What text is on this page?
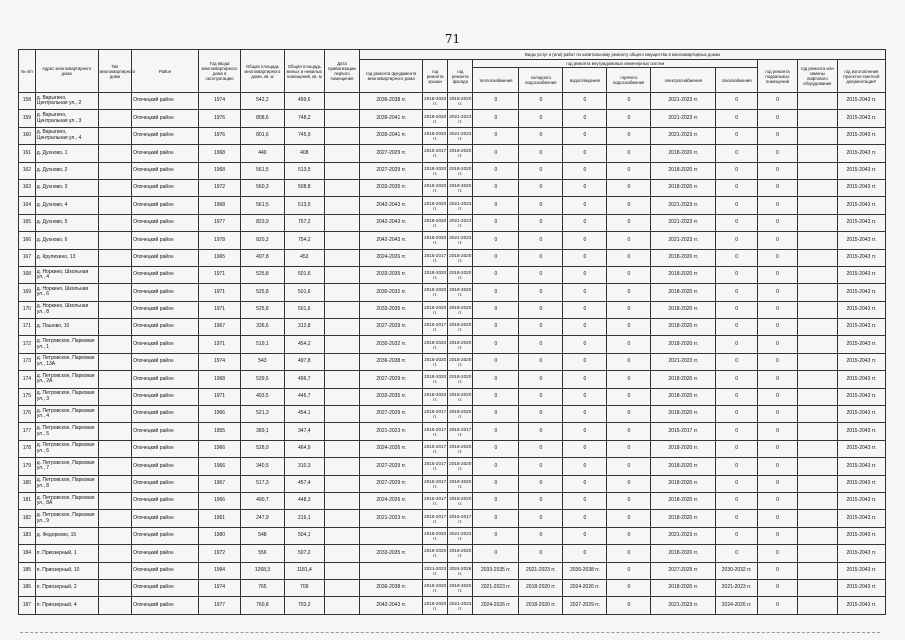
71
№ п/п	Адрес многоквартирного дома	Тип многоквартирного дома	Район	Год ввода многоквартирного дома в эксплуатацию	Общая площадь многоквартирного дома, кв. м	Общая площадь жилых и нежилых помещений, кв. м	Дата приватизации первого помещения	Виды услуг и (или) работ по капитальному ремонту общего имущества в многоквартирных домах											
								год ремонта фундамента многоквартирного дома	год ремонта крыши	год ремонта фасада	год ремонта внутридомовых инженерных систем						год ремонта подвальных помещений	год ремонта или замены лифтового оборудования	год изготовления проектно-сметной документации*
											теплоснабжения	холодного водоснабжения	водоотведения	горячего водоснабжения	электроснабжения	газоснабжения			
158	д. Варыгино, Центральная ул., 2		Опочецкий район	1974	542,2	499,6		2036-2038 гг.	2018-2020 гг.	2018-2020 гг.	0	0	0	0	2021-2023 гг.	0	0		2015-2043 гг.
159	д. Варыгино, Центральная ул., 3		Опочецкий район	1976	808,6	748,2		2039-2041 гг.	2018-2020 гг.	2021-2023 гг.	0	0	0	0	2021-2023 гг.	0	0		2015-2043 гг.
160	д. Варыгино, Центральная ул., 4		Опочецкий район	1976	801,6	745,9		2039-2041 гг.	2018-2020 гг.	2021-2023 гг.	0	0	0	0	2021-2023 гг.	0	0		2015-2043 гг.
161	д. Духново, 1		Опочецкий район	1968	440	408		2027-2029 гг.	2015-2017 гг.	2018-2020 гг.	0	0	0	0	2018-2020 гг.	0	0		2015-2043 гг.
162	д. Духново, 2		Опочецкий район	1968	561,5	513,5		2027-2029 гг.	2018-2020 гг.	2018-2020 гг.	0	0	0	0	2018-2020 гг.	0	0		2015-2043 гг.
163	д. Духново, 3		Опочецкий район	1972	560,3	508,8		2033-2035 гг.	2018-2020 гг.	2018-2020 гг.	0	0	0	0	2018-2020 гг.	0	0		2015-2043 гг.
164	д. Духново, 4		Опочецкий район	1968	561,5	513,5		2042-2043 гг.	2018-2020 гг.	2021-2023 гг.	0	0	0	0	2021-2023 гг.	0	0		2015-2043 гг.
165	д. Духново, 5		Опочецкий район	1977	823,9	757,2		2042-2043 гг.	2018-2020 гг.	2021-2023 гг.	0	0	0	0	2021-2023 гг.	0	0		2015-2043 гг.
166	д. Духново, 6		Опочецкий район	1978	820,2	754,2		2042-2043 гг.	2018-2020 гг.	2021-2023 гг.	0	0	0	0	2021-2023 гг.	0	0		2015-2043 гг.
167	д. Крулихино, 13		Опочецкий район	1965	497,8	453		2024-2026 гг.	2015-2017 гг.	2018-2020 гг.	0	0	0	0	2018-2020 гг.	0	0		2015-2043 гг.
168	д. Норкино, Школьная ул., 4		Опочецкий район	1971	525,8	501,6		2033-2035 гг.	2018-2020 гг.	2018-2020 гг.	0	0	0	0	2018-2020 гг.	0	0		2015-2043 гг.
169	д. Норкино, Школьная ул., 6		Опочецкий район	1971	525,8	501,6		2030-2032 гг.	2018-2020 гг.	2018-2020 гг.	0	0	0	0	2018-2020 гг.	0	0		2015-2043 гг.
170	д. Норкино, Школьная ул., 8		Опочецкий район	1971	525,8	501,6		2033-2035 гг.	2018-2020 гг.	2018-2020 гг.	0	0	0	0	2018-2020 гг.	0	0		2015-2043 гг.
171	д. Пашово, 10		Опочецкий район	1967	336,6	312,8		2027-2029 гг.	2015-2017 гг.	2018-2020 гг.	0	0	0	0	2018-2020 гг.	0	0		2015-2043 гг.
172	д. Петровское, Парковая ул., 1		Опочецкий район	1971	519,1	454,2		2030-2032 гг.	2018-2020 гг.	2018-2020 гг.	0	0	0	0	2018-2020 гг.	0	0		2015-2043 гг.
173	д. Петровское, Парковая ул., 13А		Опочецкий район	1974	543	497,8		2036-2038 гг.	2018-2020 гг.	2018-2020 гг.	0	0	0	0	2021-2023 гг.	0	0		2015-2043 гг.
174	д. Петровское, Парковая ул., 2А		Опочецкий район	1968	539,5	496,7		2027-2029 гг.	2018-2020 гг.	2018-2020 гг.	0	0	0	0	2018-2020 гг.	0	0		2015-2043 гг.
175	д. Петровское, Парковая ул., 3		Опочецкий район	1971	493,5	446,7		2033-2035 гг.	2018-2020 гг.	2018-2020 гг.	0	0	0	0	2018-2020 гг.	0	0		2015-2043 гг.
176	д. Петровское, Парковая ул., 4		Опочецкий район	1966	521,3	454,1		2027-2029 гг.	2015-2017 гг.	2018-2020 гг.	0	0	0	0	2018-2020 гг.	0	0		2015-2043 гг.
177	д. Петровское, Парковая ул., 5		Опочецкий район	1955	389,1	347,4		2021-2023 гг.	2015-2017 гг.	2015-2017 гг.	0	0	0	0	2015-2017 гг.	0	0		2015-2043 гг.
178	д. Петровское, Парковая ул., 6		Опочецкий район	1966	528,9	464,9		2024-2026 гг.	2015-2017 гг.	2018-2020 гг.	0	0	0	0	2018-2020 гг.	0	0		2015-2043 гг.
179	д. Петровское, Парковая ул., 7		Опочецкий район	1966	340,5	310,3		2027-2029 гг.	2015-2017 гг.	2018-2020 гг.	0	0	0	0	2018-2020 гг.	0	0		2015-2043 гг.
180	д. Петровское, Парковая ул., 8		Опочецкий район	1967	517,3	457,4		2027-2029 гг.	2015-2017 гг.	2018-2020 гг.	0	0	0	0	2018-2020 гг.	0	0		2015-2043 гг.
181	д. Петровское, Парковая ул., 8А		Опочецкий район	1966	490,7	448,3		2024-2026 гг.	2015-2017 гг.	2018-2020 гг.	0	0	0	0	2018-2020 гг.	0	0		2015-2043 гг.
182	д. Петровское, Парковая ул., 9		Опочецкий район	1961	247,9	216,1		2021-2023 гг.	2015-2017 гг.	2015-2017 гг.	0	0	0	0	2018-2020 гг.	0	0		2015-2043 гг.
183	д. Федорково, 15		Опочецкий район	1980	548	504,1			2018-2020 гг.	2021-2023 гг.	0	0	0	0	2021-2023 гг.	0	0		2015-2043 гг.
184	п. Приозерный, 1		Опочецкий район	1972	556	507,2		2033-2035 гг.	2018-2020 гг.	2018-2020 гг.	0	0	0	0	2018-2020 гг.	0	0		2015-2043 гг.
185	п. Приозерный, 10		Опочецкий район	1994	1268,3	1181,4			2021-2023 гг.	2024-2026 гг.	2033-2035 гг.	2021-2023 гг.	2036-2038 гг.	0	2027-2029 гг.	2030-2032 гг.	0		2015-2043 гг.
186	п. Приозерный, 2		Опочецкий район	1974	765	709		2036-2038 гг.	2018-2020 гг.	2018-2020 гг.	2021-2023 гг.	2018-2020 гг.	2024-2026 гг.	0	2018-2020 гг.	2021-2023 гг.	0		2015-2043 гг.
187	п. Приозерный, 4		Опочецкий район	1977	760,8	703,2		2042-2043 гг.	2018-2020 гг.	2021-2023 гг.	2024-2026 гг.	2018-2020 гг.	2027-2029 гг.	0	2021-2023 гг.	2024-2026 гг.	0		2015-2043 гг.
